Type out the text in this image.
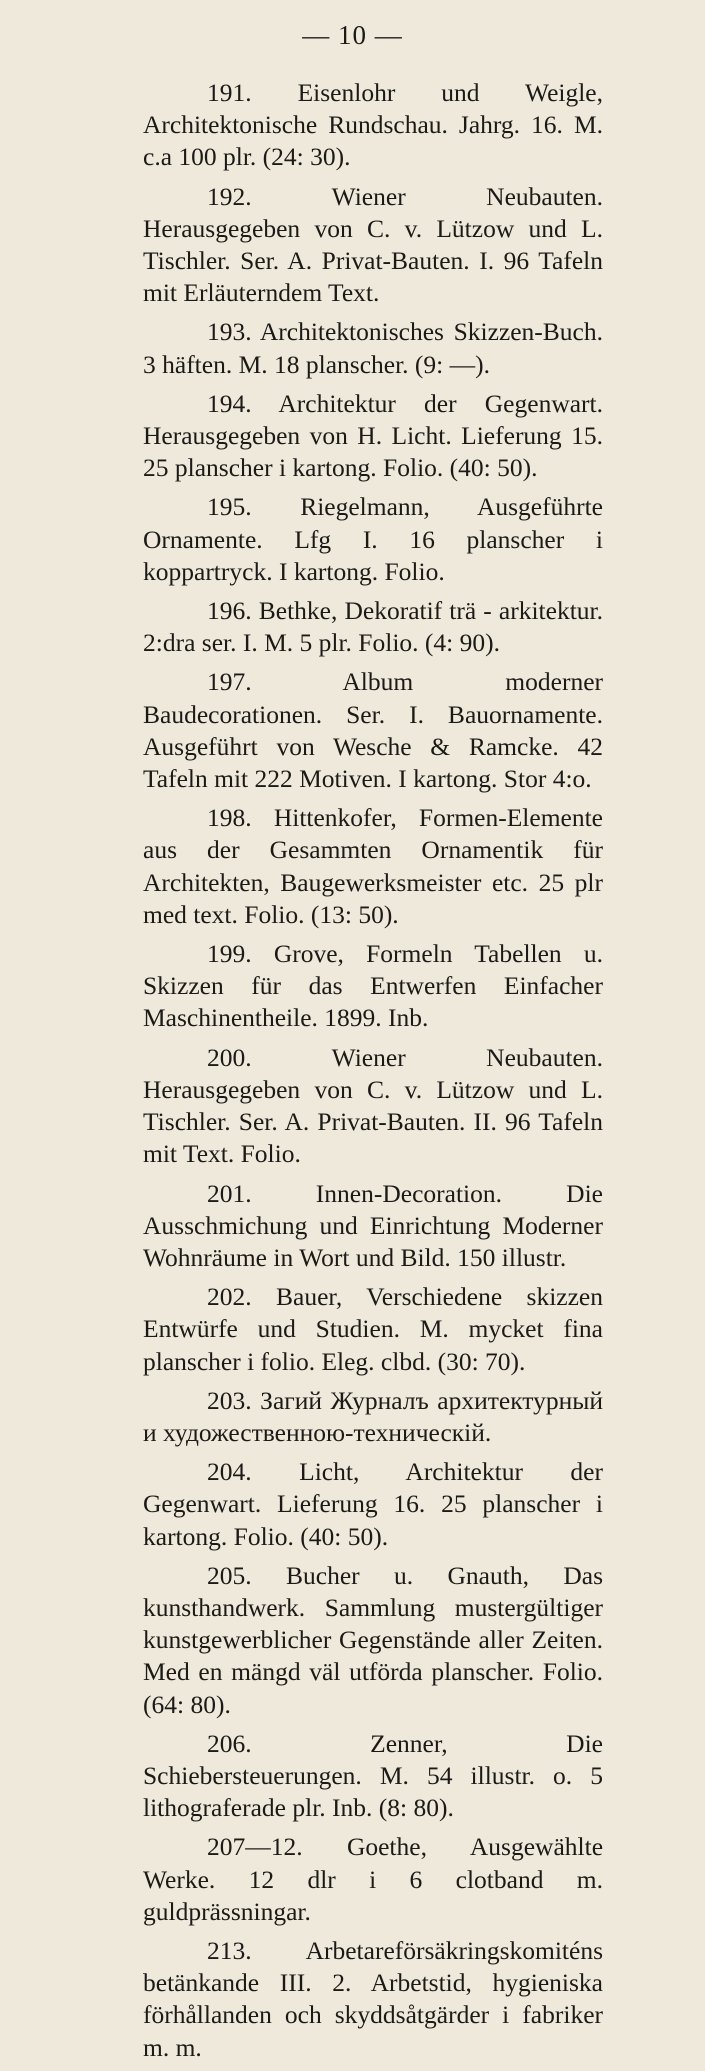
— 10 —

191. Eisenlohr und Weigle, Architektonische Rundschau. Jahrg. 16. M. c.a 100 plr. (24: 30).

192.	Wiener Neubauten. Herausgegeben von C. v. Lützow und L. Tischler. Ser. A. Privat-Bauten. I. 96 Tafeln mit Erläuterndem Text.

193. Architektonisches Skizzen-Buch. 3 häften. M. 18 planscher. (9: —).

194. Architektur der Gegenwart. Herausgegeben von H. Licht. Lieferung 15. 25 planscher i kartong. Folio. (40: 50).

195. Riegelmann, Ausgeführte Ornamente. Lfg I. 16 planscher i koppartryck. I kartong. Folio.

196. Bethke, Dekoratif trä - arkitektur. 2:dra ser. I. M. 5 plr. Folio. (4: 90).

197.	Album moderner Baudecorationen. Ser. I. Bauornamente. Ausgeführt von Wesche & Ramcke. 42 Tafeln mit 222 Motiven. I kartong. Stor 4:o.

198. Hittenkofer, Formen-Elemente aus der Gesammten Ornamentik für Architekten, Baugewerksmeister etc. 25 plr med text. Folio. (13: 50).

199. Grove, Formeln Tabellen u. Skizzen für das Entwerfen Einfacher Maschinentheile. 1899. Inb.

200.	Wiener Neubauten. Herausgegeben von C. v. Lützow und L. Tischler. Ser. A. Privat-Bauten. II. 96 Tafeln mit Text. Folio.

201.	Innen-Decoration. Die Ausschmichung und Einrichtung Moderner Wohnräume in Wort und Bild. 150 illustr.

202. Bauer, Verschiedene skizzen Entwürfe und Studien. M. mycket fina planscher i folio. Eleg. clbd. (30: 70).

203. Загий Журналъ архитектурный и художественною-техническій.

204. Licht, Architektur der Gegenwart. Lieferung 16. 25 planscher i kartong. Folio. (40: 50).

205. Bucher u. Gnauth, Das kunsthandwerk. Sammlung mustergültiger kunstgewerblicher Gegenstände aller Zeiten. Med en mängd väl utförda planscher. Folio. (64: 80).

206.	Zenner, Die Schiebersteuerungen. M. 54 illustr. o. 5 lithograferade plr. Inb. (8: 80).

207—12. Goethe, Ausgewählte Werke. 12 dlr i 6 clotband m. guldprässningar.

213. Arbetareförsäkringskomiténs betänkande III. 2. Arbetstid, hygieniska förhållanden och skyddsåtgärder i fabriker m. m.
